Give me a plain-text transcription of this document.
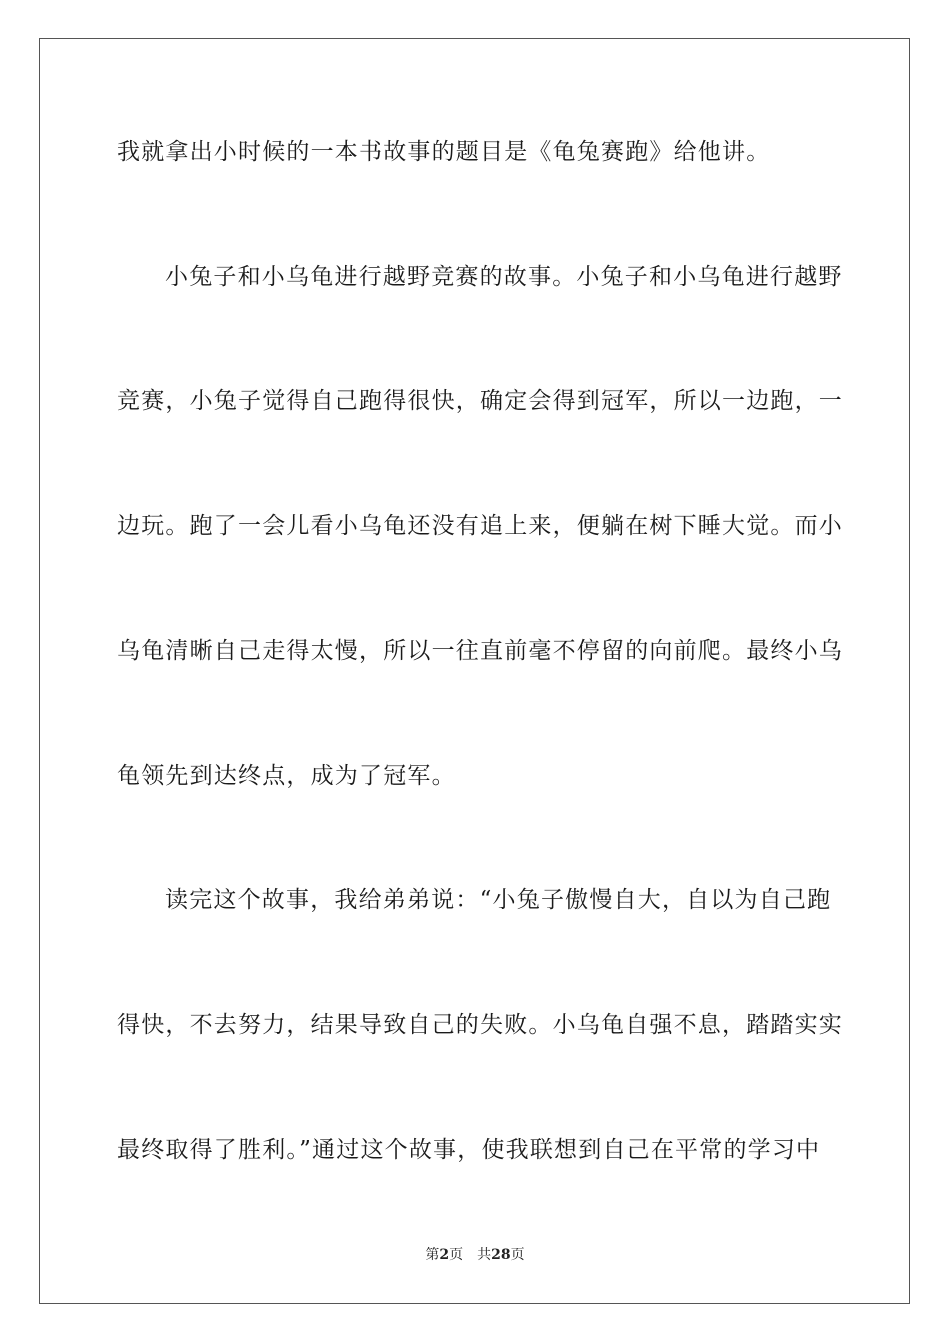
我就拿出小时候的一本书故事的题目是《龟兔赛跑》给他讲。
小兔子和小乌龟进行越野竞赛的故事。小兔子和小乌龟进行越野
竞赛，小兔子觉得自己跑得很快，确定会得到冠军，所以一边跑，一
边玩。跑了一会儿看小乌龟还没有追上来，便躺在树下睡大觉。而小
乌龟清晰自己走得太慢，所以一往直前毫不停留的向前爬。最终小乌
龟领先到达终点，成为了冠军。
读完这个故事，我给弟弟说：“小兔子傲慢自大，自以为自己跑
得快，不去努力，结果导致自己的失败。小乌龟自强不息，踏踏实实
最终取得了胜利。”通过这个故事，使我联想到自己在平常的学习中
第2页 共28页
